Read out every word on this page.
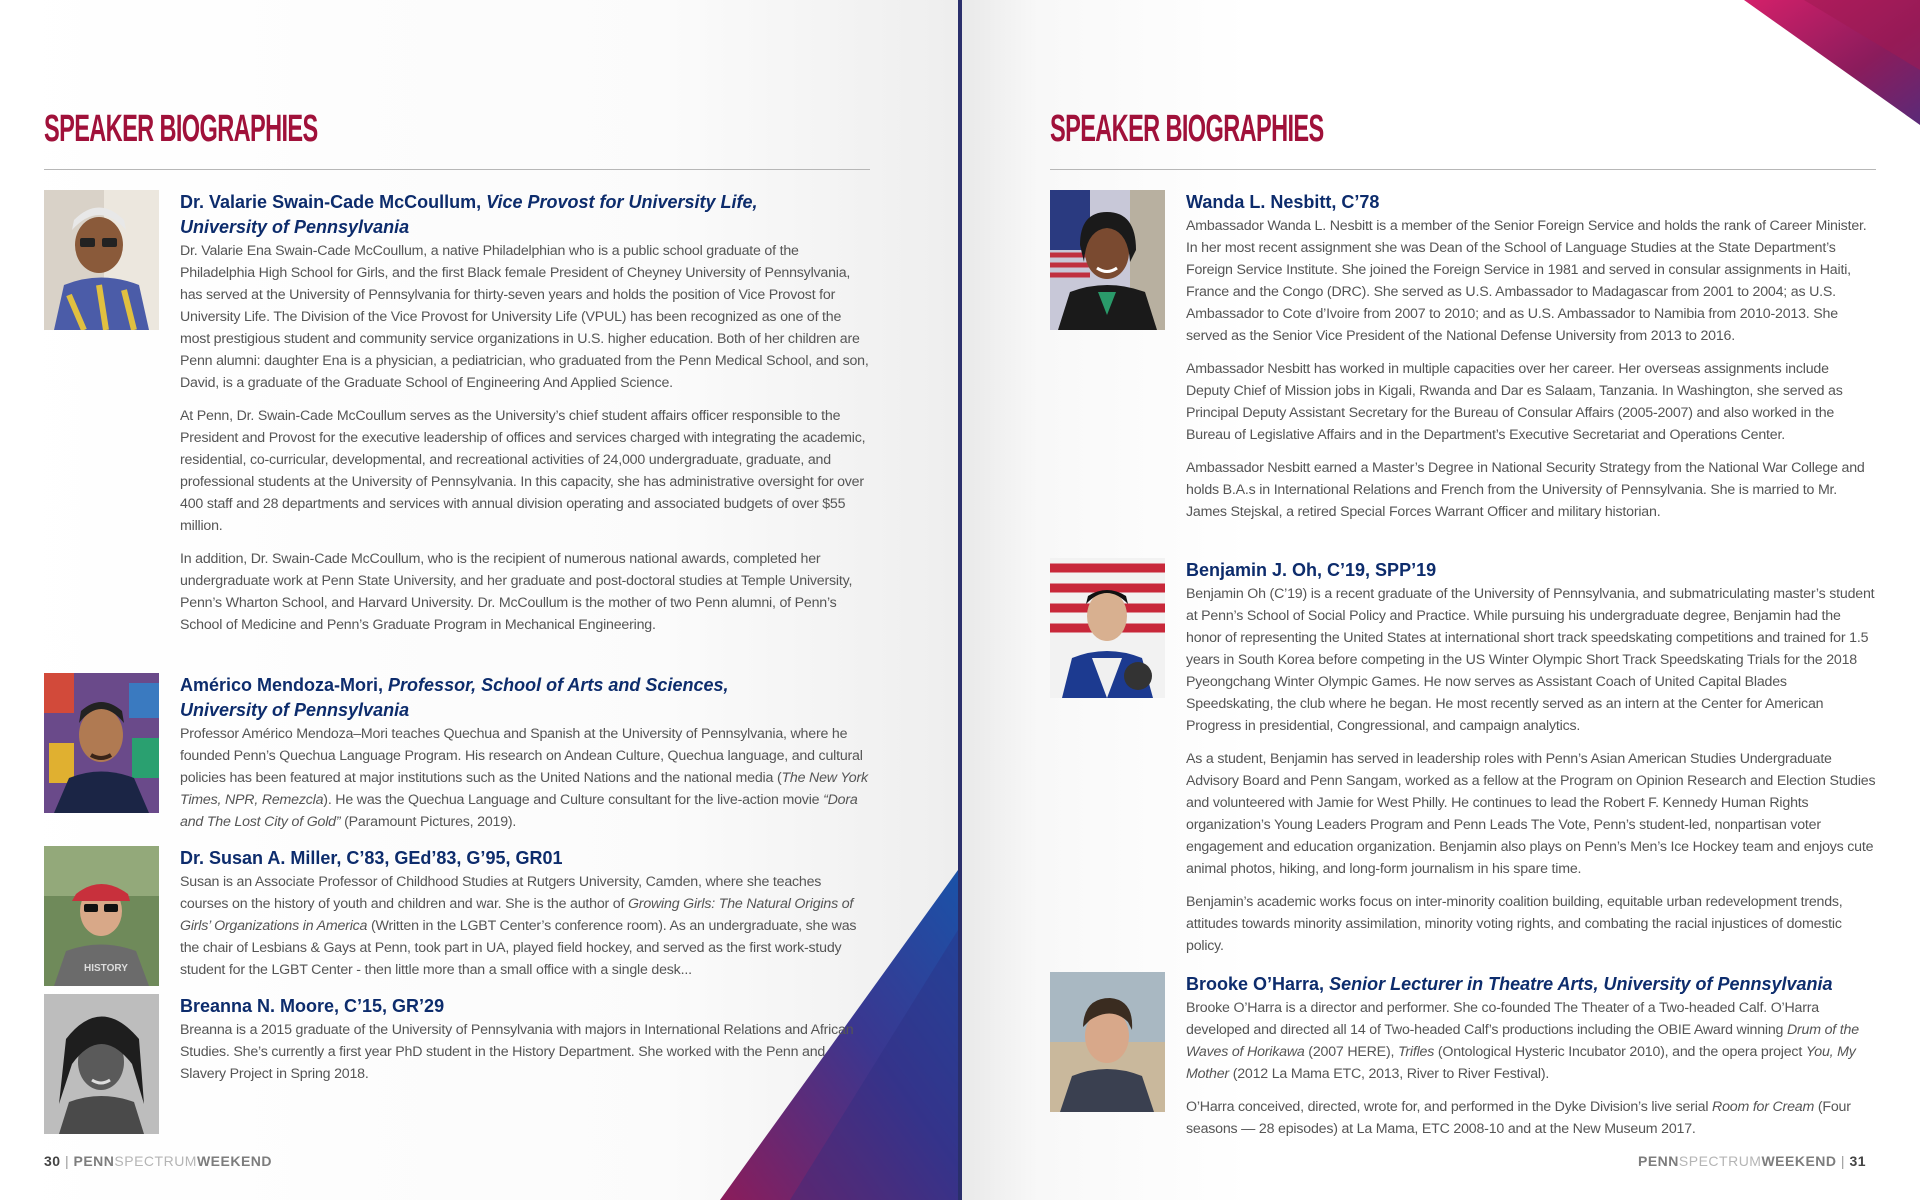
SPEAKER BIOGRAPHIES
Dr. Valarie Swain-Cade McCoullum, Vice Provost for University Life,
University of Pennsylvania

Dr. Valarie Ena Swain-Cade McCoullum, a native Philadelphian who is a public school graduate of the Philadelphia High School for Girls, and the first Black female President of Cheyney University of Pennsylvania, has served at the University of Pennsylvania for thirty-seven years and holds the position of Vice Provost for University Life. The Division of the Vice Provost for University Life (VPUL) has been recognized as one of the most prestigious student and community service organizations in U.S. higher education. Both of her children are Penn alumni: daughter Ena is a physician, a pediatrician, who graduated from the Penn Medical School, and son, David, is a graduate of the Graduate School of Engineering And Applied Science.

At Penn, Dr. Swain-Cade McCoullum serves as the University’s chief student affairs officer responsible to the President and Provost for the executive leadership of offices and services charged with integrating the academic, residential, co-curricular, developmental, and recreational activities of 24,000 undergraduate, graduate, and professional students at the University of Pennsylvania. In this capacity, she has administrative oversight for over 400 staff and 28 departments and services with annual division operating and associated budgets of over $55 million.

In addition, Dr. Swain-Cade McCoullum, who is the recipient of numerous national awards, completed her undergraduate work at Penn State University, and her graduate and post-doctoral studies at Temple University, Penn’s Wharton School, and Harvard University. Dr. McCoullum is the mother of two Penn alumni, of Penn’s School of Medicine and Penn’s Graduate Program in Mechanical Engineering.

Américo Mendoza-Mori, Professor, School of Arts and Sciences,
University of Pennsylvania

Professor Américo Mendoza–Mori teaches Quechua and Spanish at the University of Pennsylvania, where he founded Penn’s Quechua Language Program. His research on Andean Culture, Quechua language, and cultural policies has been featured at major institutions such as the United Nations and the national media (The New York Times, NPR, Remezcla). He was the Quechua Language and Culture consultant for the live-action movie “Dora and The Lost City of Gold” (Paramount Pictures, 2019).

HISTORY
Dr. Susan A. Miller, C’83, GEd’83, G’95, GR01

Susan is an Associate Professor of Childhood Studies at Rutgers University, Camden, where she teaches courses on the history of youth and children and war. She is the author of Growing Girls: The Natural Origins of Girls’ Organizations in America (Written in the LGBT Center’s conference room). As an undergraduate, she was the chair of Lesbians & Gays at Penn, took part in UA, played field hockey, and served as the first work-study student for the LGBT Center - then little more than a small office with a single desk...

Breanna N. Moore, C’15, GR’29

Breanna is a 2015 graduate of the University of Pennsylvania with majors in International Relations and African Studies. She’s currently a first year PhD student in the History Department. She worked with the Penn and Slavery Project in Spring 2018.

30 | PENNSPECTRUMWEEKEND
SPEAKER BIOGRAPHIES
Wanda L. Nesbitt, C’78

Ambassador Wanda L. Nesbitt is a member of the Senior Foreign Service and holds the rank of Career Minister. In her most recent assignment she was Dean of the School of Language Studies at the State Department’s Foreign Service Institute. She joined the Foreign Service in 1981 and served in consular assignments in Haiti, France and the Congo (DRC). She served as U.S. Ambassador to Madagascar from 2001 to 2004; as U.S. Ambassador to Cote d’Ivoire from 2007 to 2010; and as U.S. Ambassador to Namibia from 2010-2013. She served as the Senior Vice President of the National Defense University from 2013 to 2016.

Ambassador Nesbitt has worked in multiple capacities over her career. Her overseas assignments include Deputy Chief of Mission jobs in Kigali, Rwanda and Dar es Salaam, Tanzania. In Washington, she served as Principal Deputy Assistant Secretary for the Bureau of Consular Affairs (2005-2007) and also worked in the Bureau of Legislative Affairs and in the Department’s Executive Secretariat and Operations Center.

Ambassador Nesbitt earned a Master’s Degree in National Security Strategy from the National War College and holds B.A.s in International Relations and French from the University of Pennsylvania. She is married to Mr. James Stejskal, a retired Special Forces Warrant Officer and military historian.

Benjamin J. Oh, C’19, SPP’19

Benjamin Oh (C’19) is a recent graduate of the University of Pennsylvania, and submatriculating master’s student at Penn’s School of Social Policy and Practice. While pursuing his undergraduate degree, Benjamin had the honor of representing the United States at international short track speedskating competitions and trained for 1.5 years in South Korea before competing in the US Winter Olympic Short Track Speedskating Trials for the 2018 Pyeongchang Winter Olympic Games. He now serves as Assistant Coach of United Capital Blades Speedskating, the club where he began. He most recently served as an intern at the Center for American Progress in presidential, Congressional, and campaign analytics.

As a student, Benjamin has served in leadership roles with Penn’s Asian American Studies Undergraduate Advisory Board and Penn Sangam, worked as a fellow at the Program on Opinion Research and Election Studies and volunteered with Jamie for West Philly. He continues to lead the Robert F. Kennedy Human Rights organization’s Young Leaders Program and Penn Leads The Vote, Penn’s student-led, nonpartisan voter engagement and education organization. Benjamin also plays on Penn’s Men’s Ice Hockey team and enjoys cute animal photos, hiking, and long-form journalism in his spare time.

Benjamin’s academic works focus on inter-minority coalition building, equitable urban redevelopment trends, attitudes towards minority assimilation, minority voting rights, and combating the racial injustices of domestic policy.

Brooke O’Harra, Senior Lecturer in Theatre Arts, University of Pennsylvania

Brooke O’Harra is a director and performer. She co-founded The Theater of a Two-headed Calf. O’Harra developed and directed all 14 of Two-headed Calf’s productions including the OBIE Award winning Drum of the Waves of Horikawa (2007 HERE), Trifles (Ontological Hysteric Incubator 2010), and the opera project You, My Mother (2012 La Mama ETC, 2013, River to River Festival).

O’Harra conceived, directed, wrote for, and performed in the Dyke Division’s live serial Room for Cream (Four seasons — 28 episodes) at La Mama, ETC 2008-10 and at the New Museum 2017.

PENNSPECTRUMWEEKEND | 31
